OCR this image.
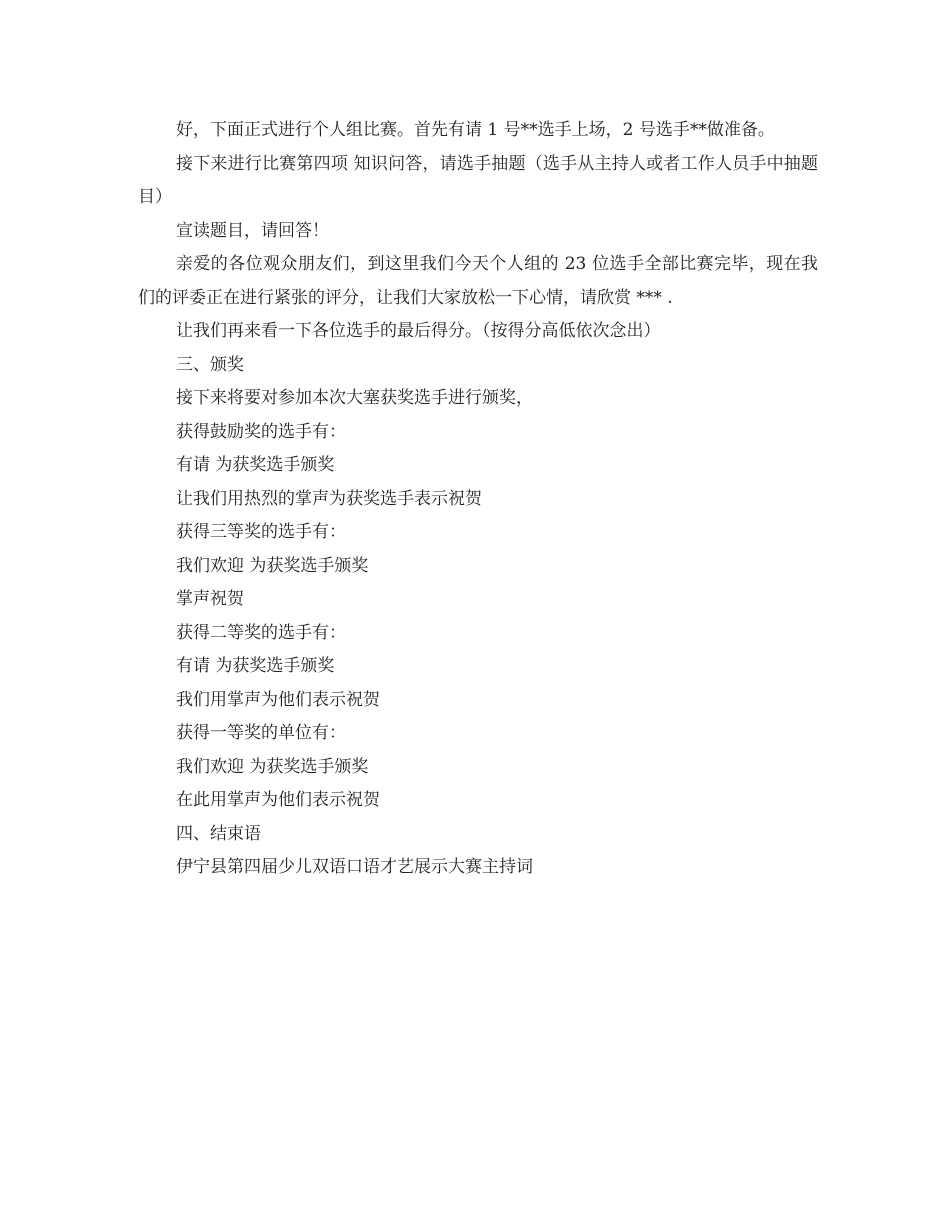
好，下面正式进行个人组比赛。首先有请 1 号**选手上场，2 号选手**做准备。

接下来进行比赛第四项 知识问答，请选手抽题（选手从主持人或者工作人员手中抽题目）

宣读题目，请回答！

亲爱的各位观众朋友们，到这里我们今天个人组的 23 位选手全部比赛完毕，现在我们的评委正在进行紧张的评分，让我们大家放松一下心情，请欣赏 *** .

让我们再来看一下各位选手的最后得分。（按得分高低依次念出）

三、颁奖

接下来将要对参加本次大塞获奖选手进行颁奖，

获得鼓励奖的选手有：

有请 为获奖选手颁奖

让我们用热烈的掌声为获奖选手表示祝贺

获得三等奖的选手有：

我们欢迎 为获奖选手颁奖

掌声祝贺

获得二等奖的选手有：

有请 为获奖选手颁奖

我们用掌声为他们表示祝贺

获得一等奖的单位有：

我们欢迎 为获奖选手颁奖

在此用掌声为他们表示祝贺

四、结束语

伊宁县第四届少儿双语口语才艺展示大赛主持词
